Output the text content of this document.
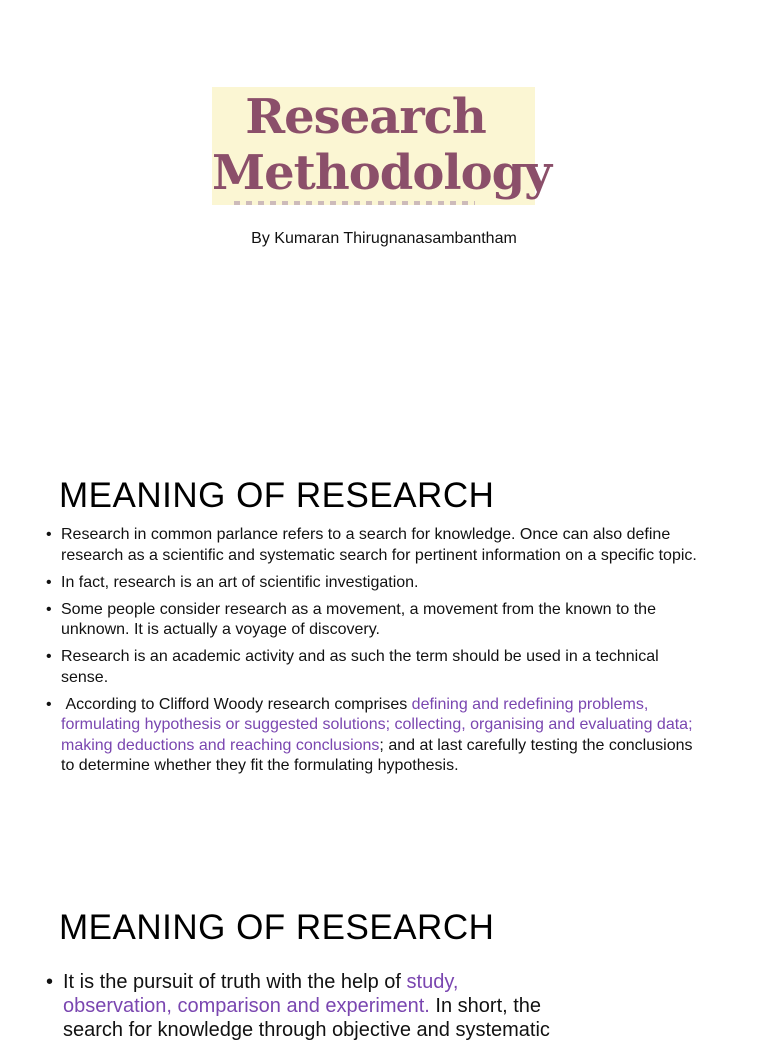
Research
Methodology
By Kumaran Thirugnanasambantham
MEANING OF RESEARCH
• Research in common parlance refers to a search for knowledge. Once can also define research as a scientific and systematic search for pertinent information on a specific topic.
• In fact, research is an art of scientific investigation.
• Some people consider research as a movement, a movement from the known to the unknown. It is actually a voyage of discovery.
• Research is an academic activity and as such the term should be used in a technical sense.
• According to Clifford Woody research comprises defining and redefining problems, formulating hypothesis or suggested solutions; collecting, organising and evaluating data; making deductions and reaching conclusions; and at last carefully testing the conclusions to determine whether they fit the formulating hypothesis.
MEANING OF RESEARCH
• It is the pursuit of truth with the help of study, observation, comparison and experiment. In short, the search for knowledge through objective and systematic
